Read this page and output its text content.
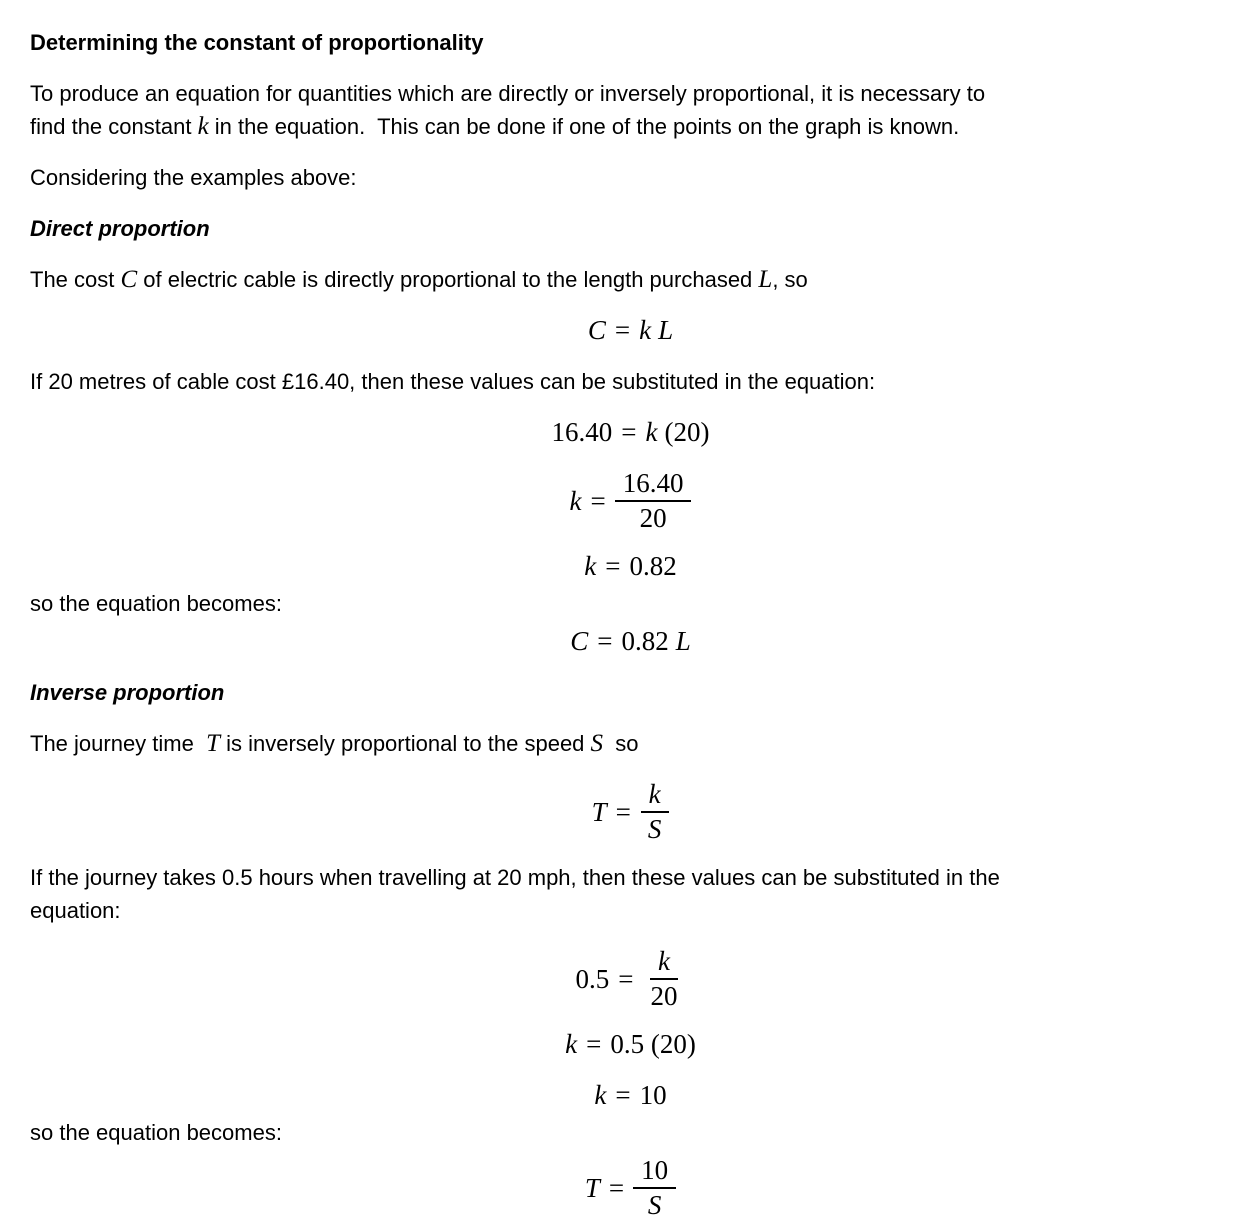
Determining the constant of proportionality

To produce an equation for quantities which are directly or inversely proportional, it is necessary to
find the constant k in the equation.  This can be done if one of the points on the graph is known.

Considering the examples above:

Direct proportion

The cost C of electric cable is directly proportional to the length purchased L, so

C = k L

If 20 metres of cable cost £16.40, then these values can be substituted in the equation:

16.40 = k (20)
$k = \frac{16.40}{20}$
k = 0.82

so the equation becomes:

C = 0.82 L
Inverse proportion

The journey time  T is inversely proportional to the speed S  so

$T = \frac{k}{S}$

If the journey takes 0.5 hours when travelling at 20 mph, then these values can be substituted in the
equation:

$0.5 = \frac{k}{20}$
k = 0.5 (20)
k = 10

so the equation becomes:

$T = \frac{10}{S}$
